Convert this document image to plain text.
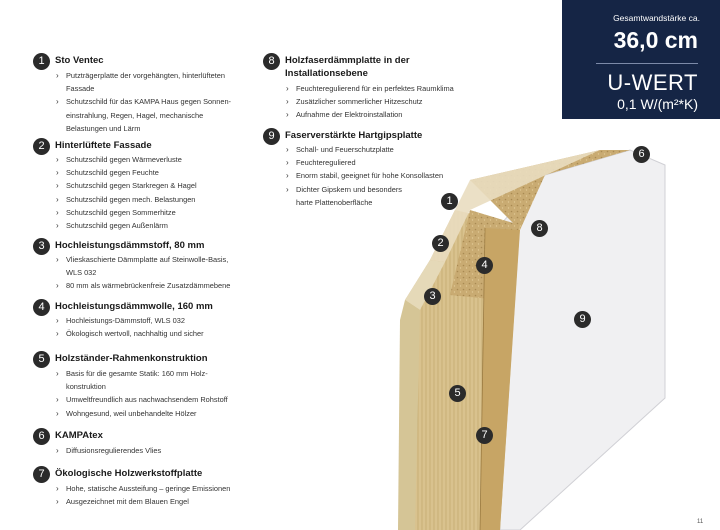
6
1
8
2
4
3
9
5
7
Gesamtwandstärke ca.
36,0 cm
U-WERT
0,1 W/(m²*K)
1	Sto Ventec
› Putzträgerplatte der vorgehängten, hinterlüfteten
Fassade
› Schutzschild für das KAMPA Haus gegen Sonnen-
einstrahlung, Regen, Hagel, mechanische
Belastungen und Lärm
2	Hinterlüftete Fassade
› Schutzschild gegen Wärmeverluste
› Schutzschild gegen Feuchte
› Schutzschild gegen Starkregen & Hagel
› Schutzschild gegen mech. Belastungen
› Schutzschild gegen Sommerhitze
› Schutzschild gegen Außenlärm
3	Hochleistungsdämmstoff, 80 mm
› Vlieskaschierte Dämmplatte auf Steinwolle-Basis,
WLS 032
› 80 mm als wärmebrückenfreie Zusatzdämmebene
4	Hochleistungsdämmwolle, 160 mm
› Hochleistungs-Dämmstoff, WLS 032
› Ökologisch wertvoll, nachhaltig und sicher
5	Holzständer-Rahmenkonstruktion
› Basis für die gesamte Statik: 160 mm Holz-
konstruktion
› Umweltfreundlich aus nachwachsendem Rohstoff
› Wohngesund, weil unbehandelte Hölzer
6	KAMPAtex
› Diffusionsregulierendes Vlies
7	Ökologische Holzwerkstoffplatte
› Hohe, statische Aussteifung – geringe Emissionen
› Ausgezeichnet mit dem Blauen Engel
8	Holzfaserdämmplatte in der
Installationsebene
› Feuchteregulierend für ein perfektes Raumklima
› Zusätzlicher sommerlicher Hitzeschutz
› Aufnahme der Elektroinstallation
9	Faserverstärkte Hartgipsplatte
› Schall- und Feuerschutzplatte
› Feuchtereguliered
› Enorm stabil, geeignet für hohe Konsollasten
› Dichter Gipskern und besonders
harte Plattenoberfläche
11
